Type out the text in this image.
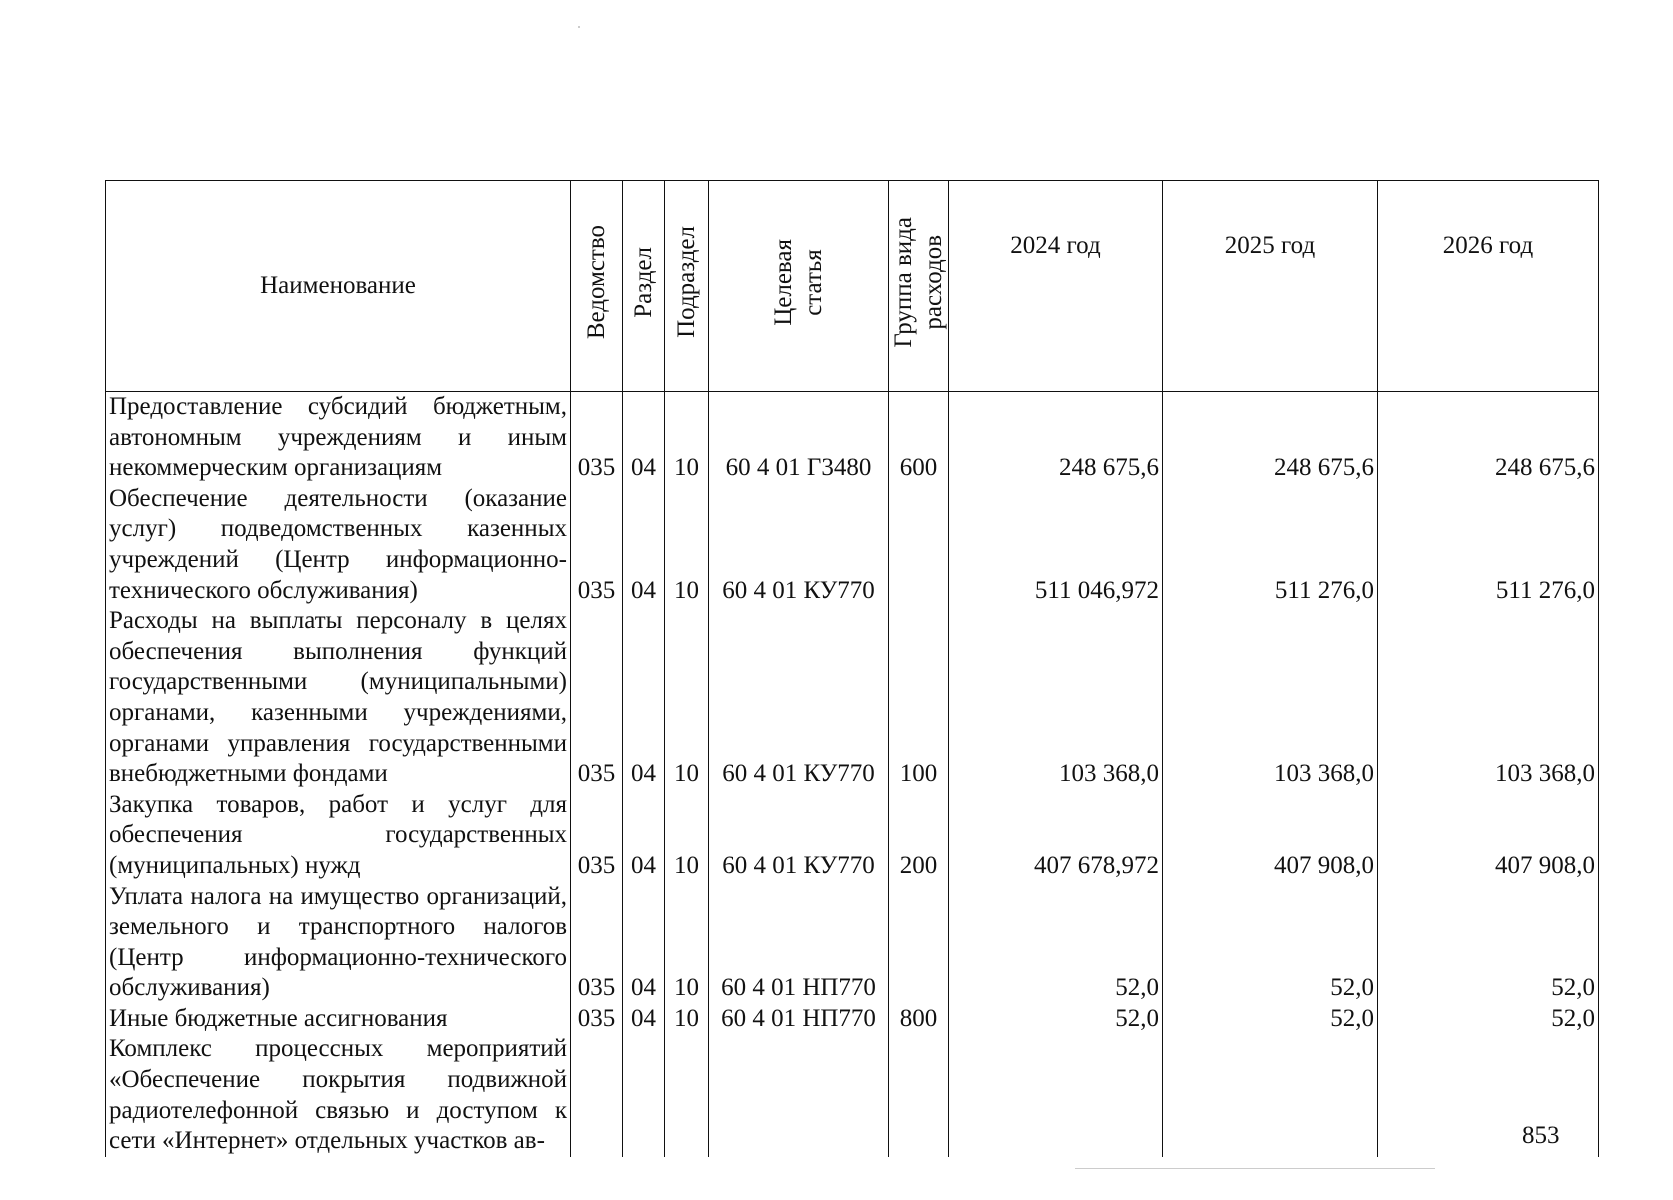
Наименование	Ведомство	Раздел	Подраздел	Целевая статья	Группа вида расходов	2024 год	2025 год	2026 год
Предоставление субсидий бюджетным, автономным учреждениям и иным некоммерческим организациям	035	04	10	60 4 01 Г3480	600	248 675,6	248 675,6	248 675,6
Обеспечение деятельности (оказание услуг) подведомственных казенных учреждений (Центр информационно-технического обслуживания)	035	04	10	60 4 01 КУ770		511 046,972	511 276,0	511 276,0
Расходы на выплаты персоналу в целях обеспечения выполнения функций государственными (муниципальными) органами, казенными учреждениями, органами управления государственными внебюджетными фондами	035	04	10	60 4 01 КУ770	100	103 368,0	103 368,0	103 368,0
Закупка товаров, работ и услуг для обеспечения государственных (муниципальных) нужд	035	04	10	60 4 01 КУ770	200	407 678,972	407 908,0	407 908,0
Уплата налога на имущество организаций, земельного и транспортного налогов (Центр информационно-технического обслуживания)	035	04	10	60 4 01 НП770		52,0	52,0	52,0
Иные бюджетные ассигнования	035	04	10	60 4 01 НП770	800	52,0	52,0	52,0
Комплекс процессных мероприятий «Обеспечение покрытия подвижной радиотелефонной связью и доступом к сети «Интернет» отдельных участков ав-									853
